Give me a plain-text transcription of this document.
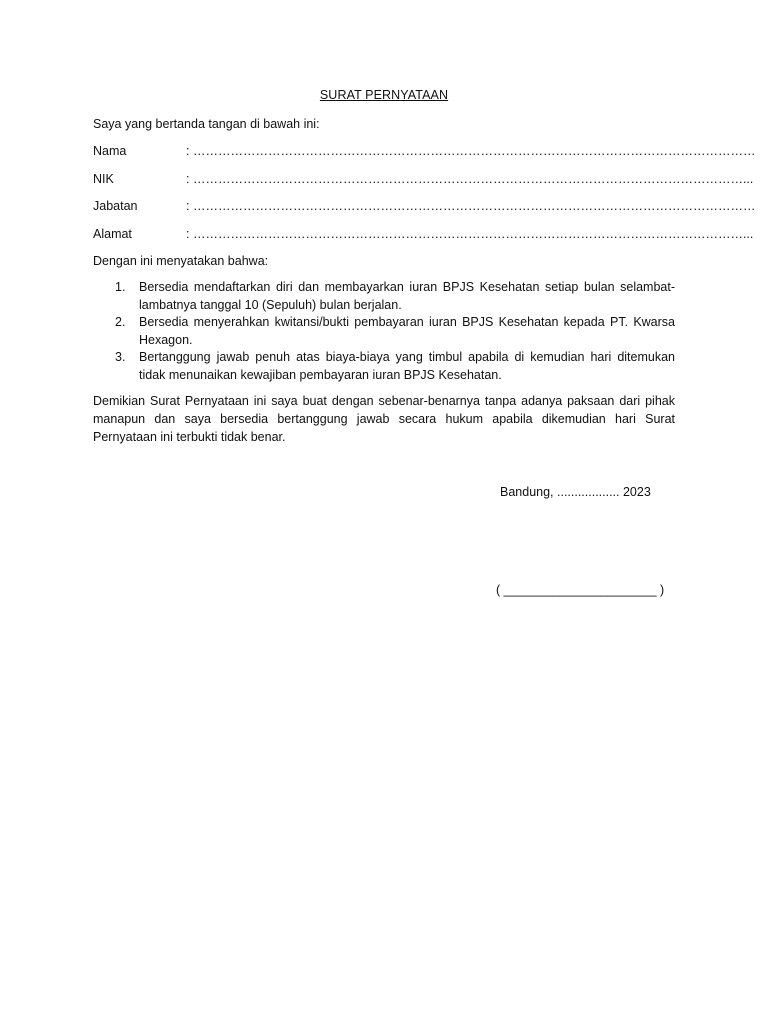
SURAT PERNYATAAN
Saya yang bertanda tangan di bawah ini:
Nama	: ………………………………………………………………………………………………………………………
NIK	: ……………………………………………………………………………………………………………………...
Jabatan	: ………………………………………………………………………………………………………………………
Alamat	: ……………………………………………………………………………………………………………………...
Dengan ini menyatakan bahwa:
1. Bersedia mendaftarkan diri dan membayarkan iuran BPJS Kesehatan setiap bulan selambat-lambatnya tanggal 10 (Sepuluh) bulan berjalan.
2. Bersedia menyerahkan kwitansi/bukti pembayaran iuran BPJS Kesehatan kepada PT. Kwarsa Hexagon.
3. Bertanggung jawab penuh atas biaya-biaya yang timbul apabila di kemudian hari ditemukan tidak menunaikan kewajiban pembayaran iuran BPJS Kesehatan.
Demikian Surat Pernyataan ini saya buat dengan sebenar-benarnya tanpa adanya paksaan dari pihak manapun dan saya bersedia bertanggung jawab secara hukum apabila dikemudian hari Surat Pernyataan ini terbukti tidak benar.
Bandung, .................. 2023
( ______________________ )
